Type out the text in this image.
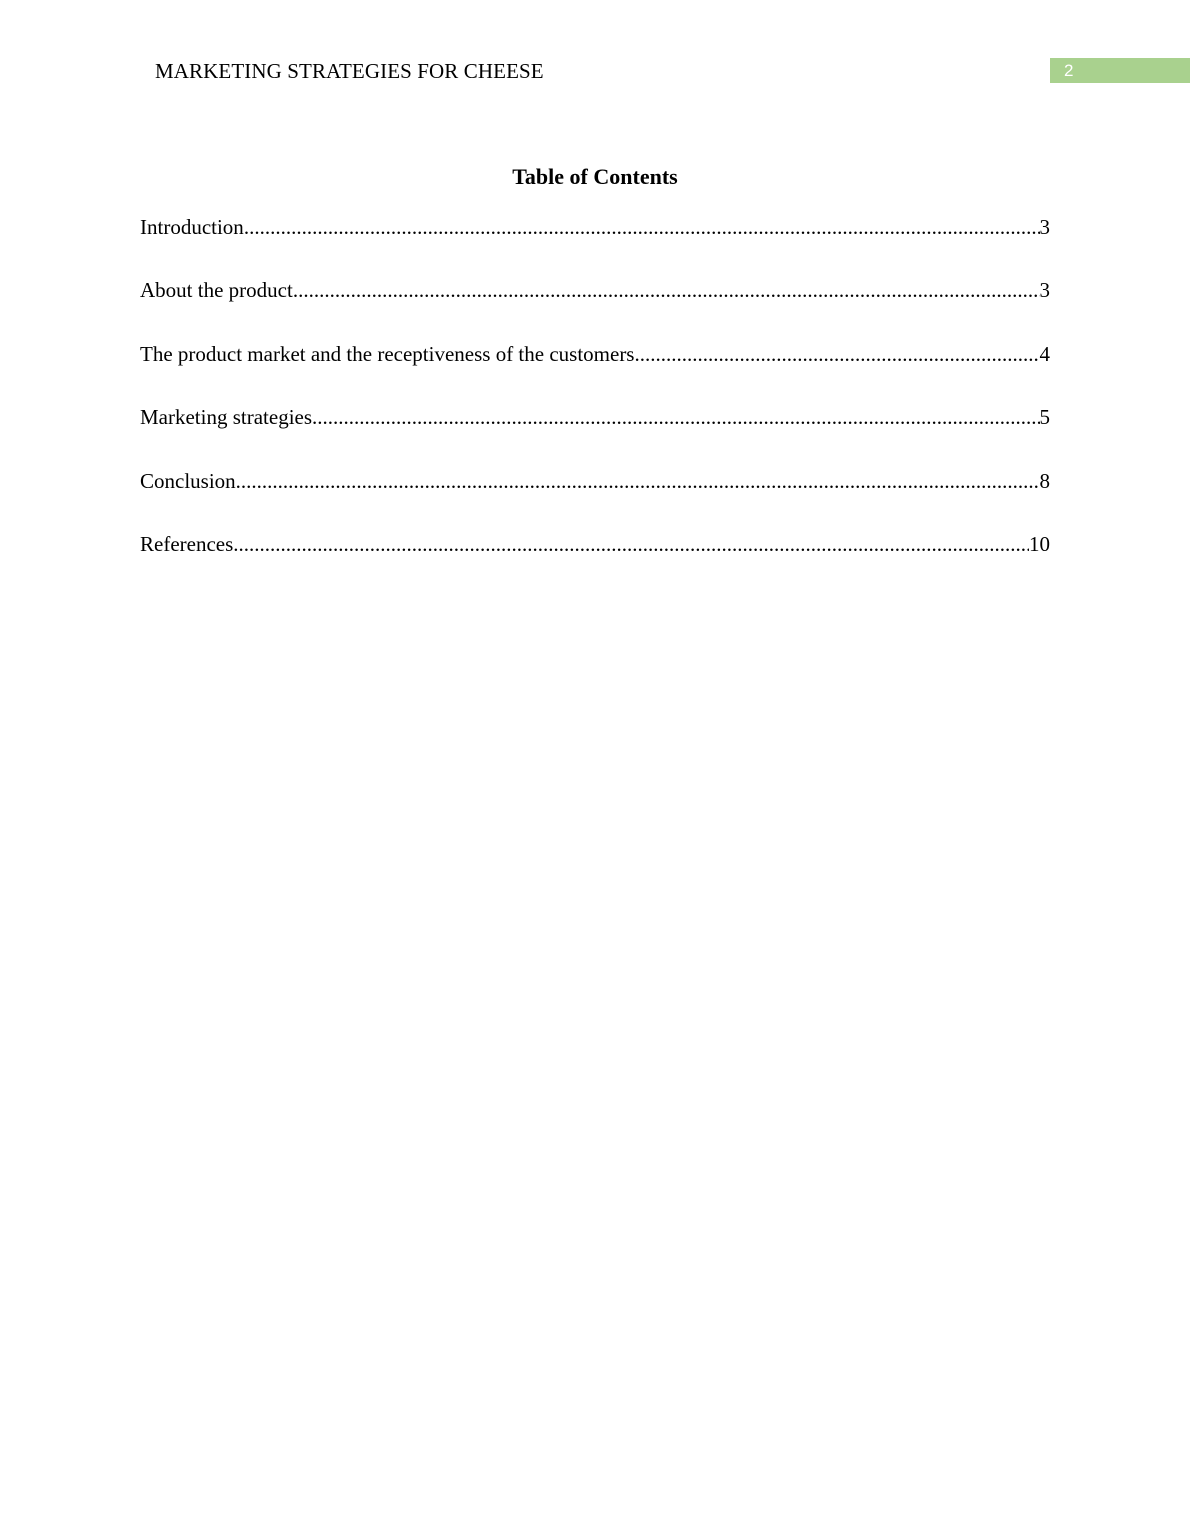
MARKETING STRATEGIES FOR CHEESE	2
Table of Contents
Introduction .....	3
About the product .....	3
The product market and the receptiveness of the customers .....	4
Marketing strategies .....	5
Conclusion .....	8
References .....	10
